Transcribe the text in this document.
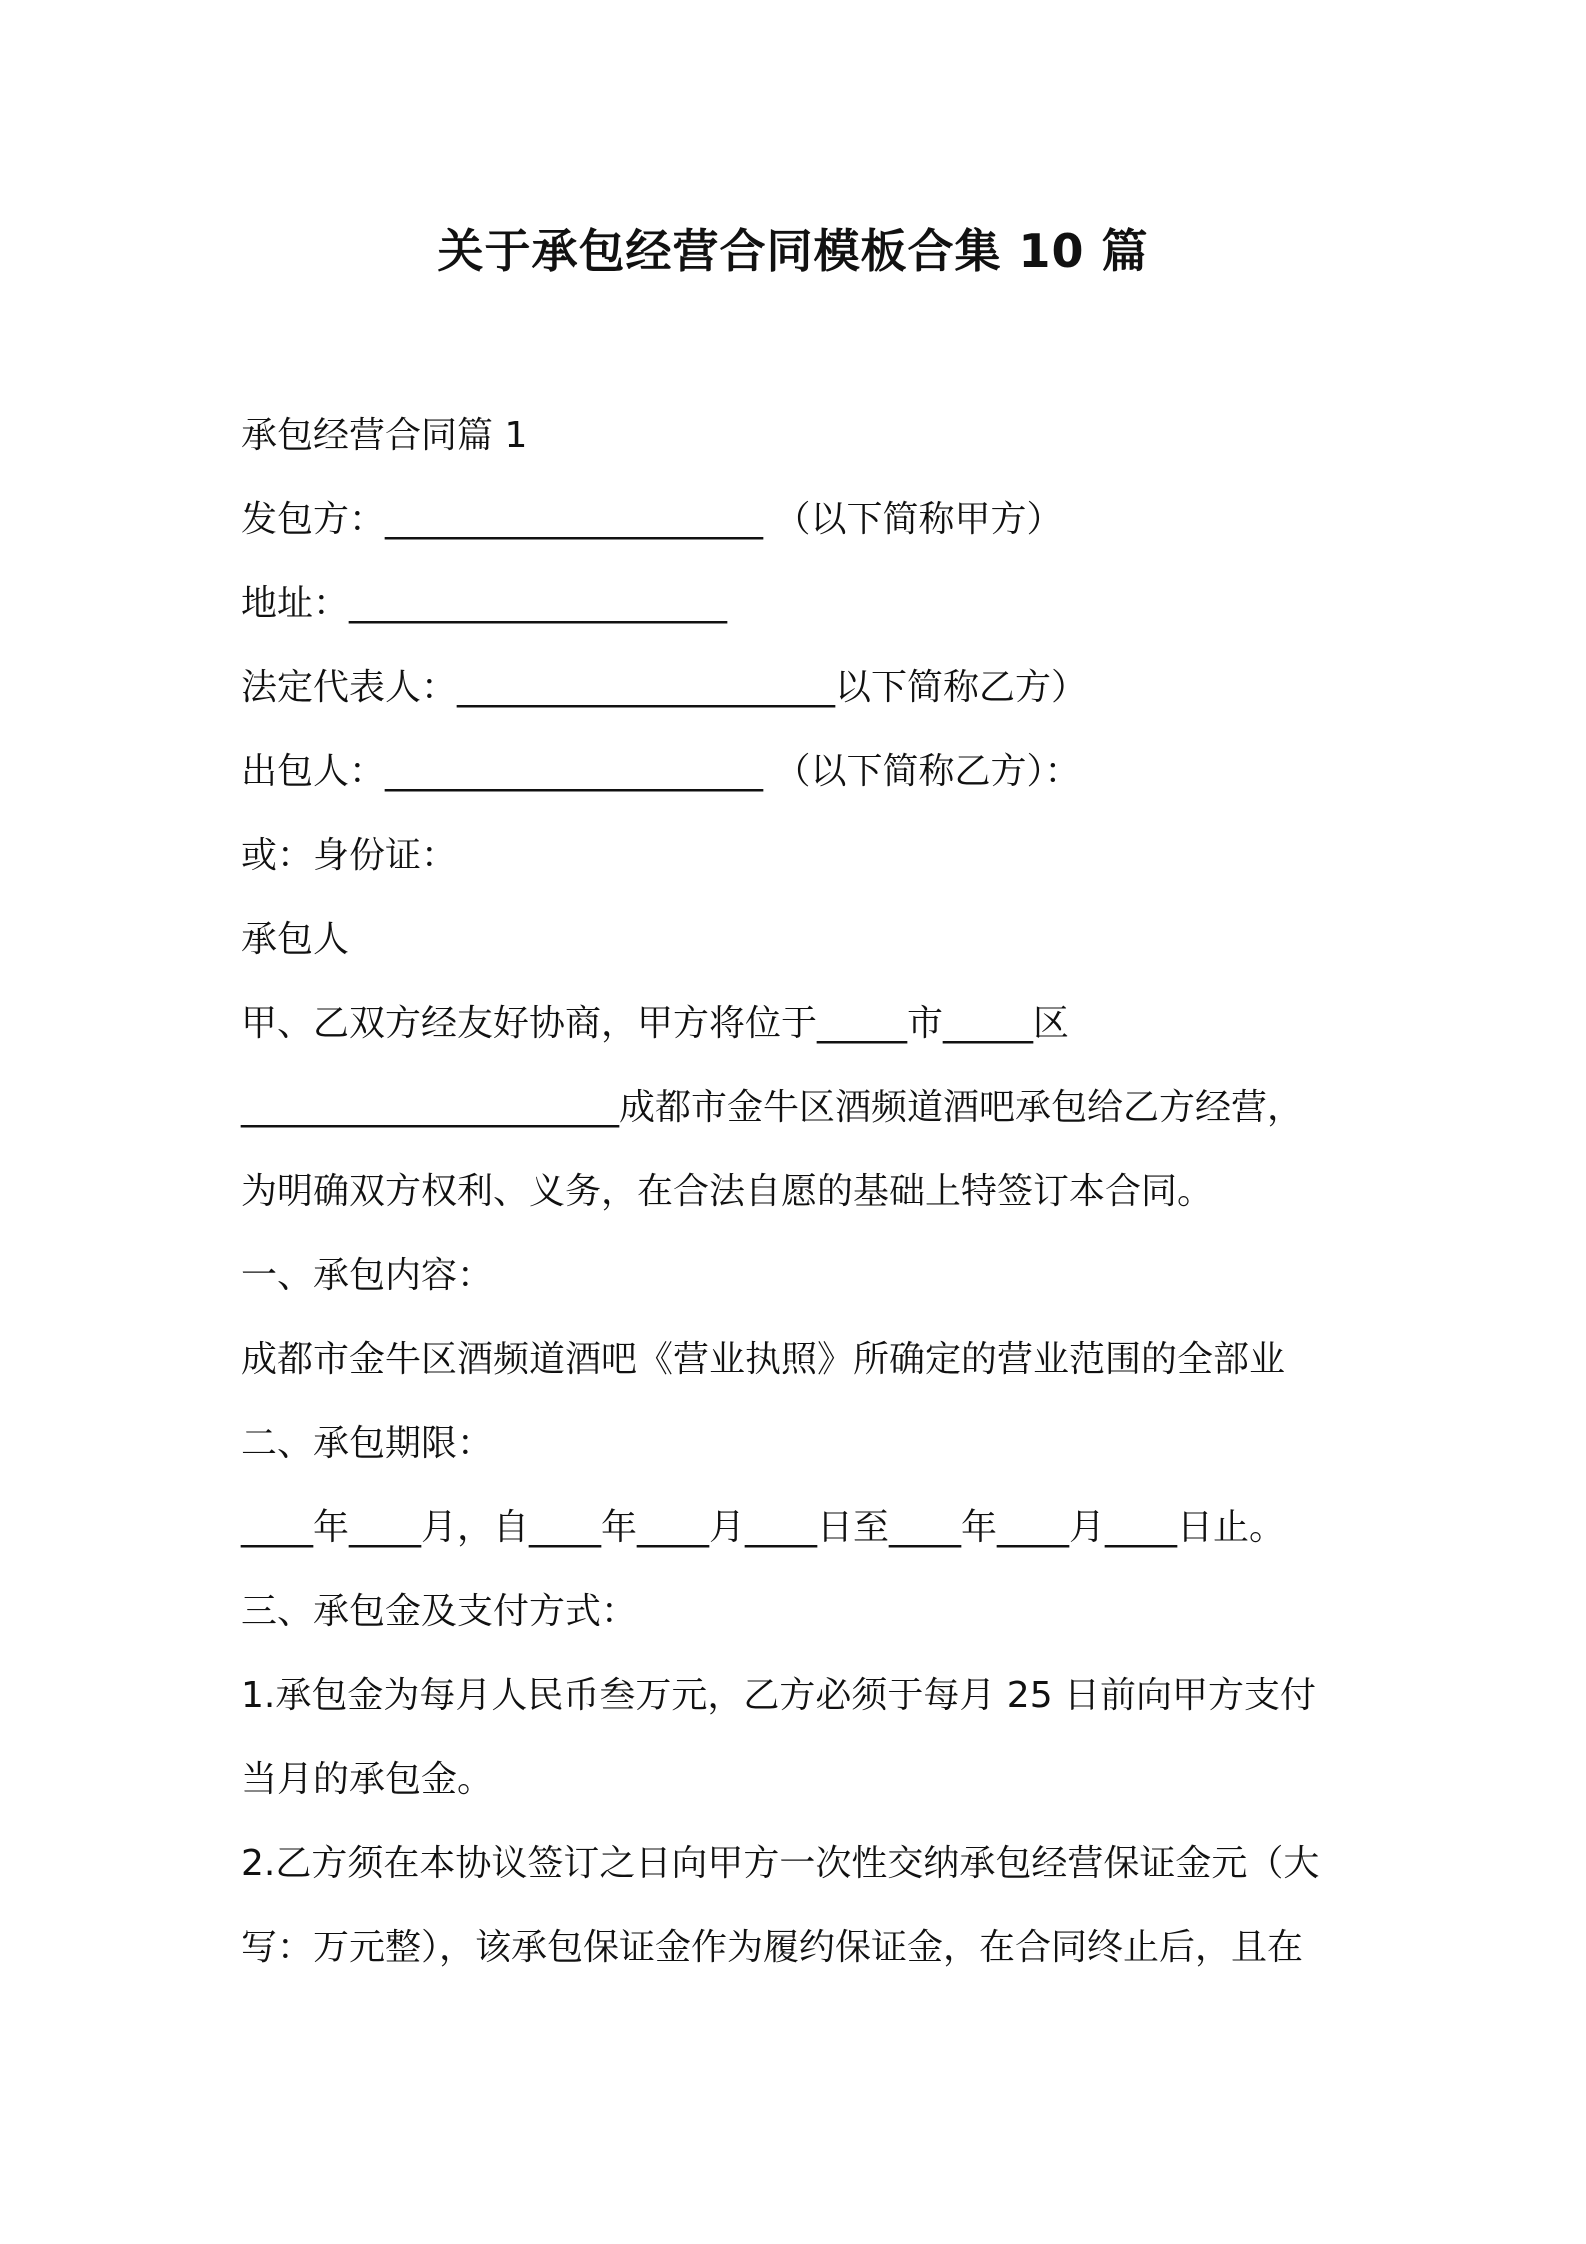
关于承包经营合同模板合集 10 篇
承包经营合同篇 1
发包方：_____________________ （以下简称甲方）
地址：_____________________
法定代表人：_____________________以下简称乙方）
出包人：_____________________ （以下简称乙方）：
或：身份证：
承包人
甲、乙双方经友好协商，甲方将位于_____市_____区
_____________________成都市金牛区酒频道酒吧承包给乙方经营，
为明确双方权利、义务，在合法自愿的基础上特签订本合同。
一、承包内容：
成都市金牛区酒频道酒吧《营业执照》所确定的营业范围的全部业
二、承包期限：
____年____月，自____年____月____日至____年____月____日止。
三、承包金及支付方式：
1.承包金为每月人民币叁万元，乙方必须于每月 25 日前向甲方支付
当月的承包金。
2.乙方须在本协议签订之日向甲方一次性交纳承包经营保证金元（大
写：万元整），该承包保证金作为履约保证金，在合同终止后，且在
